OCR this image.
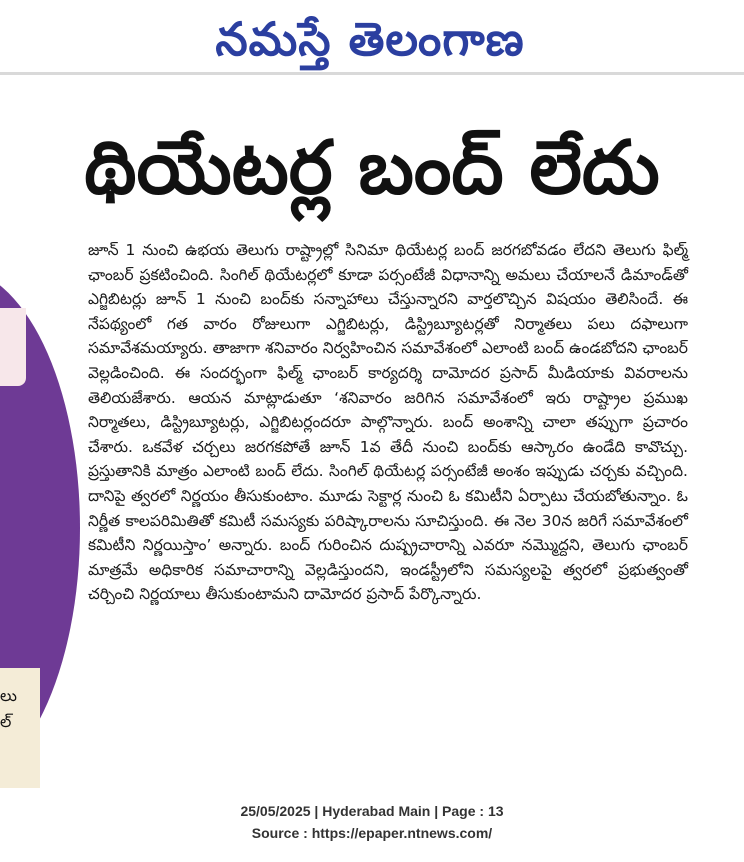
నమస్తే తెలంగాణ
థియేటర్ల బంద్‌ లేదు
లు
ల్

జూన్ 1 నుంచి ఉభయ తెలుగు రాష్ట్రాల్లో సినిమా థియేటర్ల బంద్ జరగబోవడం లేదని తెలుగు ఫిల్మ్ ఛాంబర్ ప్రకటించింది. సింగిల్ థియేటర్లలో కూడా పర్సంటేజీ విధానాన్ని అమలు చేయాలనే డిమాండ్‌తో ఎగ్జిబిటర్లు జూన్ 1 నుంచి బంద్‌కు సన్నాహాలు చేస్తున్నారని వార్తలొచ్చిన విషయం తెలిసిందే. ఈ నేపథ్యంలో గత వారం రోజులుగా ఎగ్జిబిటర్లు, డిస్ట్రిబ్యూటర్లతో నిర్మాతలు పలు దఫాలుగా సమావేశమయ్యారు. తాజాగా శనివారం నిర్వహించిన సమావేశంలో ఎలాంటి బంద్ ఉండబోదని ఛాంబర్ వెల్లడించింది. ఈ సందర్భంగా ఫిల్మ్ ఛాంబర్ కార్యదర్శి దామోదర ప్రసాద్ మీడియాకు వివరాలను తెలియజేశారు. ఆయన మాట్లాడుతూ ‘శనివారం జరిగిన సమావేశంలో ఇరు రాష్ట్రాల ప్రముఖ నిర్మాతలు, డిస్ట్రిబ్యూటర్లు, ఎగ్జిబిటర్లందరూ పాల్గొన్నారు. బంద్ అంశాన్ని చాలా తప్పుగా ప్రచారం చేశారు. ఒకవేళ చర్చలు జరగకపోతే జూన్ 1వ తేదీ నుంచి బంద్‌కు ఆస్కారం ఉండేది కావొచ్చు. ప్రస్తుతానికి మాత్రం ఎలాంటి బంద్ లేదు. సింగిల్ థియేటర్ల పర్సంటేజీ అంశం ఇప్పుడు చర్చకు వచ్చింది. దానిపై త్వరలో నిర్ణయం తీసుకుంటాం. మూడు సెక్టార్ల నుంచి ఓ కమిటీని ఏర్పాటు చేయబోతున్నాం. ఓ నిర్ణీత కాలపరిమితితో కమిటీ సమస్యకు పరిష్కారాలను సూచిస్తుంది. ఈ నెల 30న జరిగే సమావేశంలో కమిటీని నిర్ణయిస్తాం’ అన్నారు. బంద్ గురించిన దుష్ప్రచారాన్ని ఎవరూ నమ్మొద్దని, తెలుగు ఛాంబర్ మాత్రమే అధికారిక సమాచారాన్ని వెల్లడిస్తుందని, ఇండస్ట్రీలోని సమస్యలపై త్వరలో ప్రభుత్వంతో చర్చించి నిర్ణయాలు తీసుకుంటామని దామోదర ప్రసాద్ పేర్కొన్నారు.

25/05/2025 | Hyderabad Main | Page : 13
Source : https://epaper.ntnews.com/
